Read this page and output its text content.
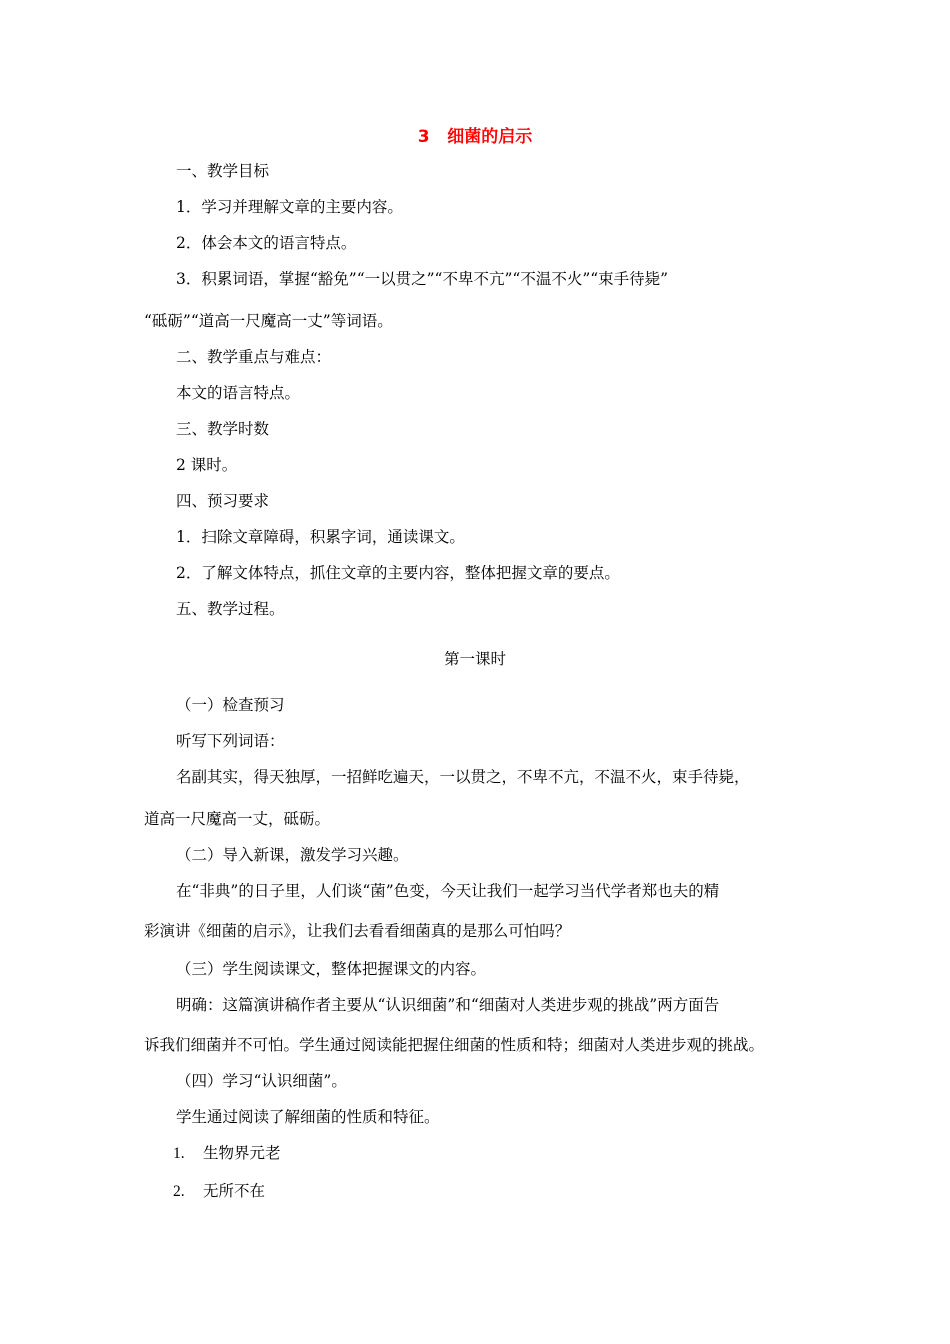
3   细菌的启示
一、教学目标
1．学习并理解文章的主要内容。
2．体会本文的语言特点。
3．积累词语，掌握“豁免”“一以贯之”“不卑不亢”“不温不火”“束手待毙”
“砥砺”“道高一尺魔高一丈”等词语。
二、教学重点与难点：
本文的语言特点。
三、教学时数
2 课时。
四、预习要求
1．扫除文章障碍，积累字词，通读课文。
2．了解文体特点，抓住文章的主要内容，整体把握文章的要点。
五、教学过程。
第一课时
（一）检查预习
听写下列词语：
名副其实，得天独厚，一招鲜吃遍天，一以贯之，不卑不亢，不温不火，束手待毙，
道高一尺魔高一丈，砥砺。
（二）导入新课，激发学习兴趣。
在“非典”的日子里，人们谈“菌”色变，今天让我们一起学习当代学者郑也夫的精
彩演讲《细菌的启示》，让我们去看看细菌真的是那么可怕吗？
（三）学生阅读课文，整体把握课文的内容。
明确：这篇演讲稿作者主要从“认识细菌”和“细菌对人类进步观的挑战”两方面告
诉我们细菌并不可怕。学生通过阅读能把握住细菌的性质和特；细菌对人类进步观的挑战。
（四）学习“认识细菌”。
学生通过阅读了解细菌的性质和特征。
1. 生物界元老
2. 无所不在
